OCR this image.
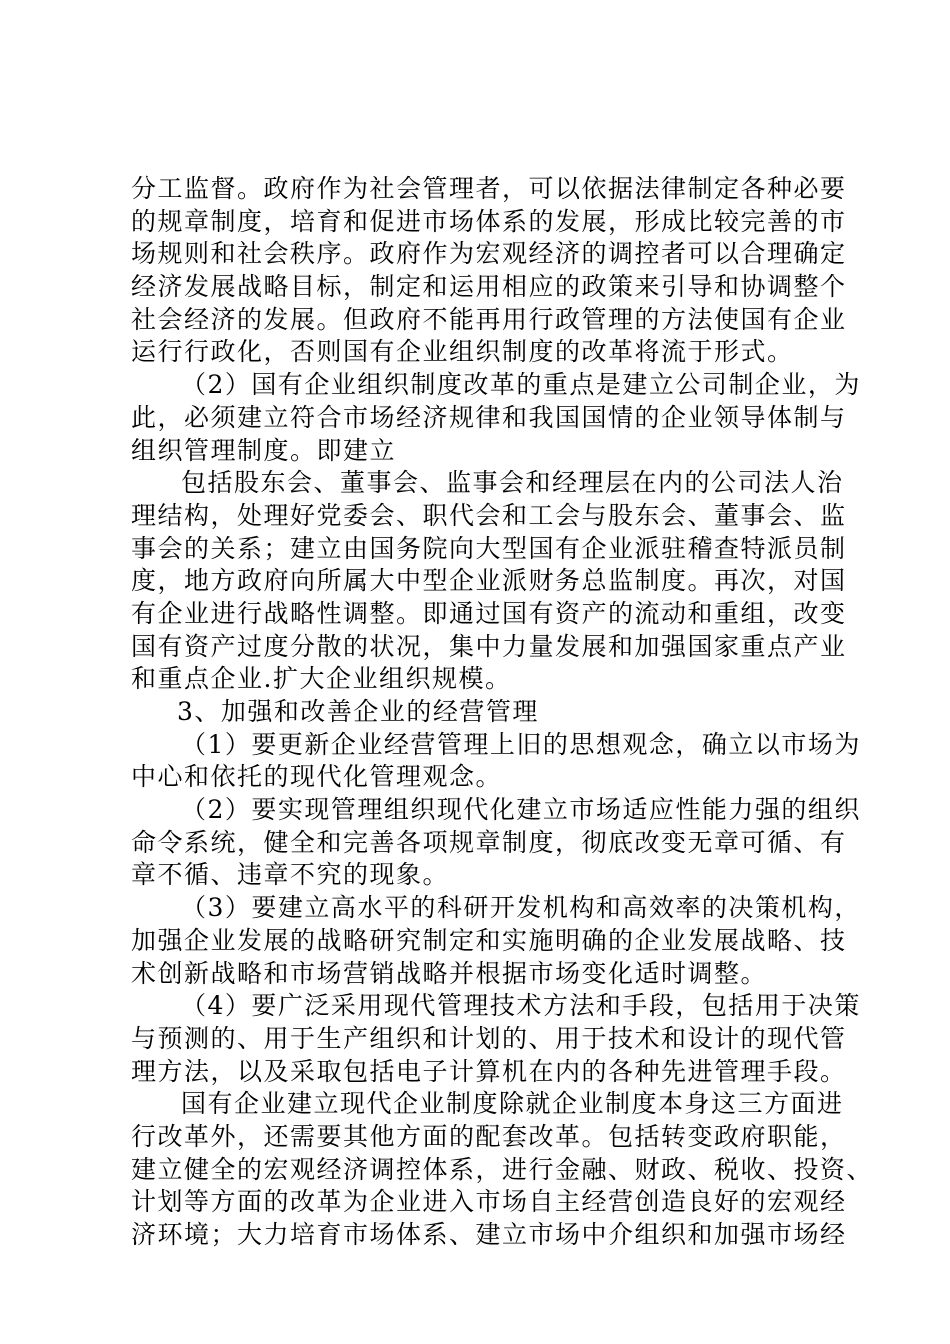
分工监督。政府作为社会管理者，可以依据法律制定各种必要
的规章制度，培育和促进市场体系的发展，形成比较完善的市
场规则和社会秩序。政府作为宏观经济的调控者可以合理确定
经济发展战略目标，制定和运用相应的政策来引导和协调整个
社会经济的发展。但政府不能再用行政管理的方法使国有企业
运行行政化，否则国有企业组织制度的改革将流于形式。
（2）国有企业组织制度改革的重点是建立公司制企业，为
此，必须建立符合市场经济规律和我国国情的企业领导体制与
组织管理制度。即建立
包括股东会、董事会、监事会和经理层在内的公司法人治
理结构，处理好党委会、职代会和工会与股东会、董事会、监
事会的关系；建立由国务院向大型国有企业派驻稽查特派员制
度，地方政府向所属大中型企业派财务总监制度。再次，对国
有企业进行战略性调整。即通过国有资产的流动和重组，改变
国有资产过度分散的状况，集中力量发展和加强国家重点产业
和重点企业.扩大企业组织规模。
3、加强和改善企业的经营管理
（1）要更新企业经营管理上旧的思想观念，确立以市场为
中心和依托的现代化管理观念。
（2）要实现管理组织现代化建立市场适应性能力强的组织
命令系统，健全和完善各项规章制度，彻底改变无章可循、有
章不循、违章不究的现象。
（3）要建立高水平的科研开发机构和高效率的决策机构，
加强企业发展的战略研究制定和实施明确的企业发展战略、技
术创新战略和市场营销战略并根据市场变化适时调整。
（4）要广泛采用现代管理技术方法和手段，包括用于决策
与预测的、用于生产组织和计划的、用于技术和设计的现代管
理方法，以及采取包括电子计算机在内的各种先进管理手段。
国有企业建立现代企业制度除就企业制度本身这三方面进
行改革外，还需要其他方面的配套改革。包括转变政府职能，
建立健全的宏观经济调控体系，进行金融、财政、税收、投资、
计划等方面的改革为企业进入市场自主经营创造良好的宏观经
济环境；大力培育市场体系、建立市场中介组织和加强市场经
